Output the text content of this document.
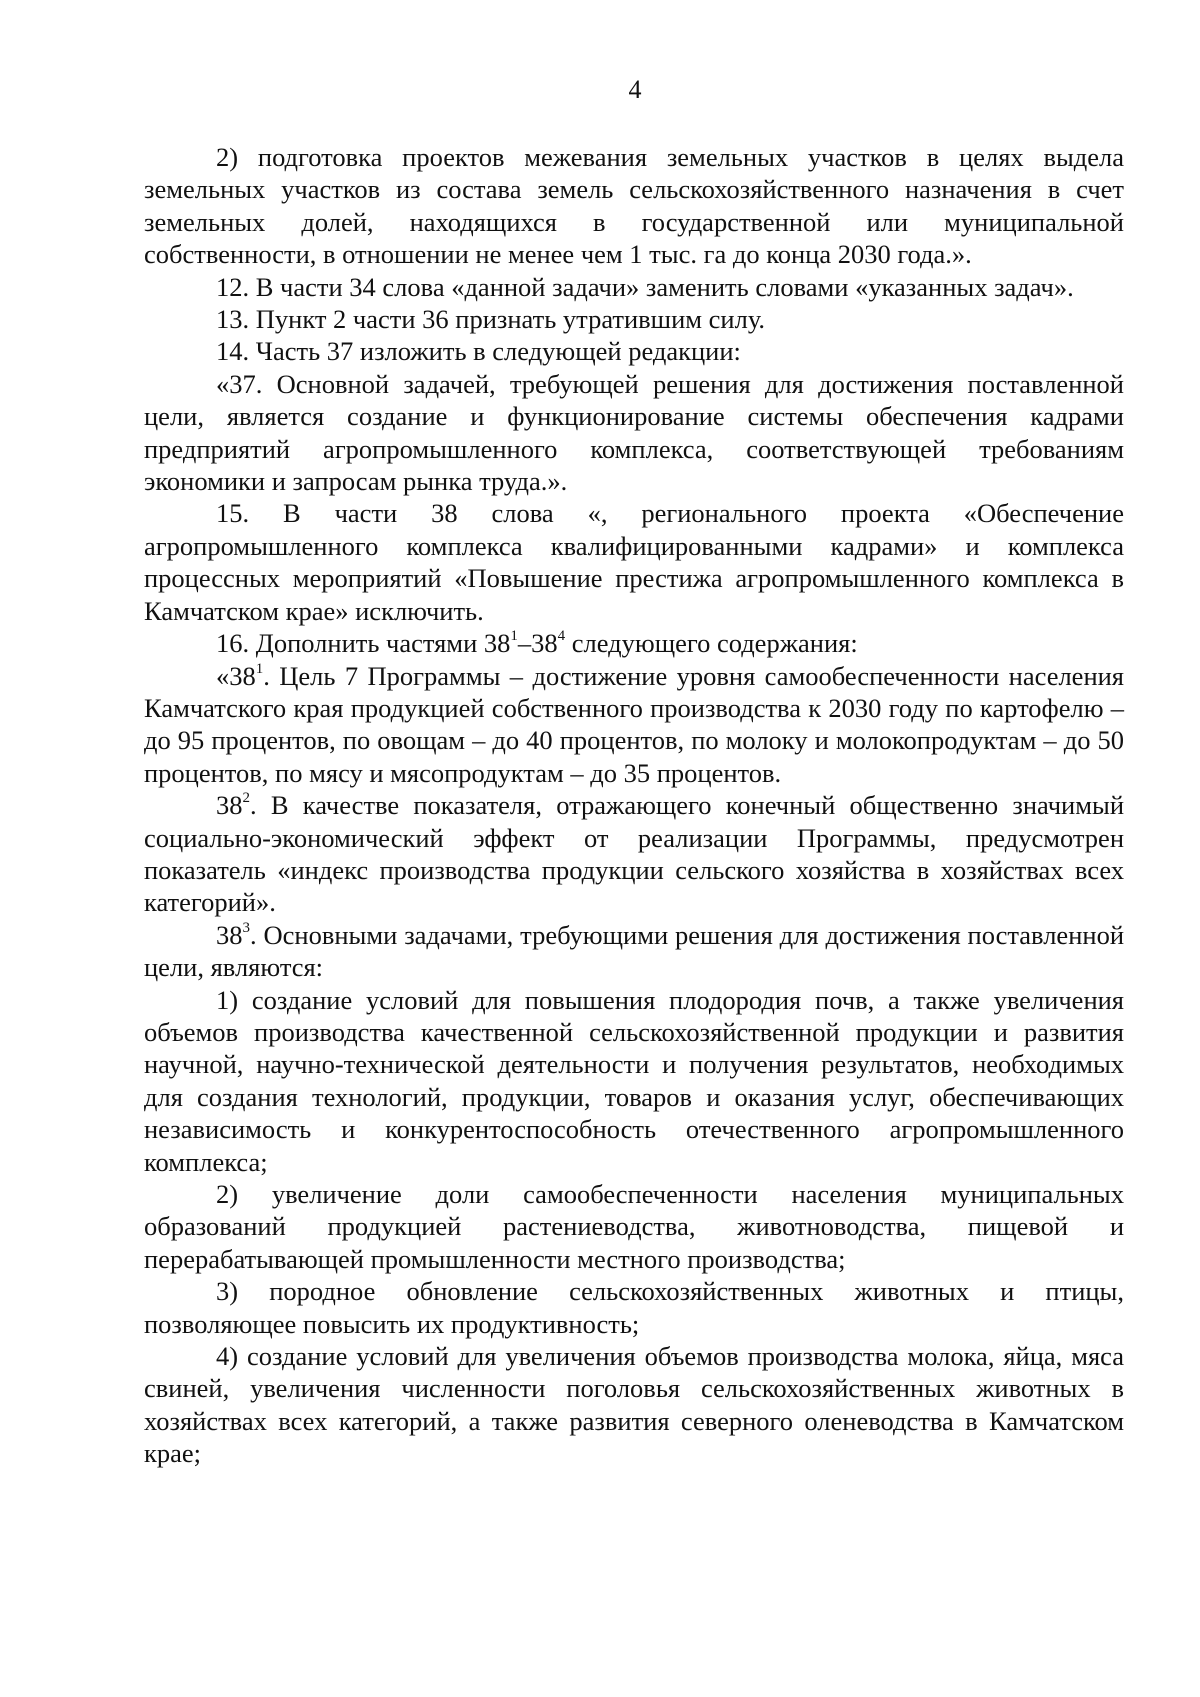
4

2) подготовка проектов межевания земельных участков в целях выдела земельных участков из состава земель сельскохозяйственного назначения в счет земельных долей, находящихся в государственной или муниципальной собственности, в отношении не менее чем 1 тыс. га до конца 2030 года.».

12. В части 34 слова «данной задачи» заменить словами «указанных задач».

13. Пункт 2 части 36 признать утратившим силу.

14. Часть 37 изложить в следующей редакции:

«37. Основной задачей, требующей решения для достижения поставленной цели, является создание и функционирование системы обеспечения кадрами предприятий агропромышленного комплекса, соответствующей требованиям экономики и запросам рынка труда.».

15. В части 38 слова «, регионального проекта «Обеспечение агропромышленного комплекса квалифицированными кадрами» и комплекса процессных мероприятий «Повышение престижа агропромышленного комплекса в Камчатском крае» исключить.

16. Дополнить частями $38^1-38^4$ следующего содержания:

«$38^1$. Цель 7 Программы – достижение уровня самообеспеченности населения Камчатского края продукцией собственного производства к 2030 году по картофелю – до 95 процентов, по овощам – до 40 процентов, по молоку и молокопродуктам – до 50 процентов, по мясу и мясопродуктам – до 35 процентов.

$38^2$. В качестве показателя, отражающего конечный общественно значимый социально-экономический эффект от реализации Программы, предусмотрен показатель «индекс производства продукции сельского хозяйства в хозяйствах всех категорий».

$38^3$. Основными задачами, требующими решения для достижения поставленной цели, являются:

1) создание условий для повышения плодородия почв, а также увеличения объемов производства качественной сельскохозяйственной продукции и развития научной, научно-технической деятельности и получения результатов, необходимых для создания технологий, продукции, товаров и оказания услуг, обеспечивающих независимость и конкурентоспособность отечественного агропромышленного комплекса;

2) увеличение доли самообеспеченности населения муниципальных образований продукцией растениеводства, животноводства, пищевой и перерабатывающей промышленности местного производства;

3) породное обновление сельскохозяйственных животных и птицы, позволяющее повысить их продуктивность;

4) создание условий для увеличения объемов производства молока, яйца, мяса свиней, увеличения численности поголовья сельскохозяйственных животных в хозяйствах всех категорий, а также развития северного оленеводства в Камчатском крае;
